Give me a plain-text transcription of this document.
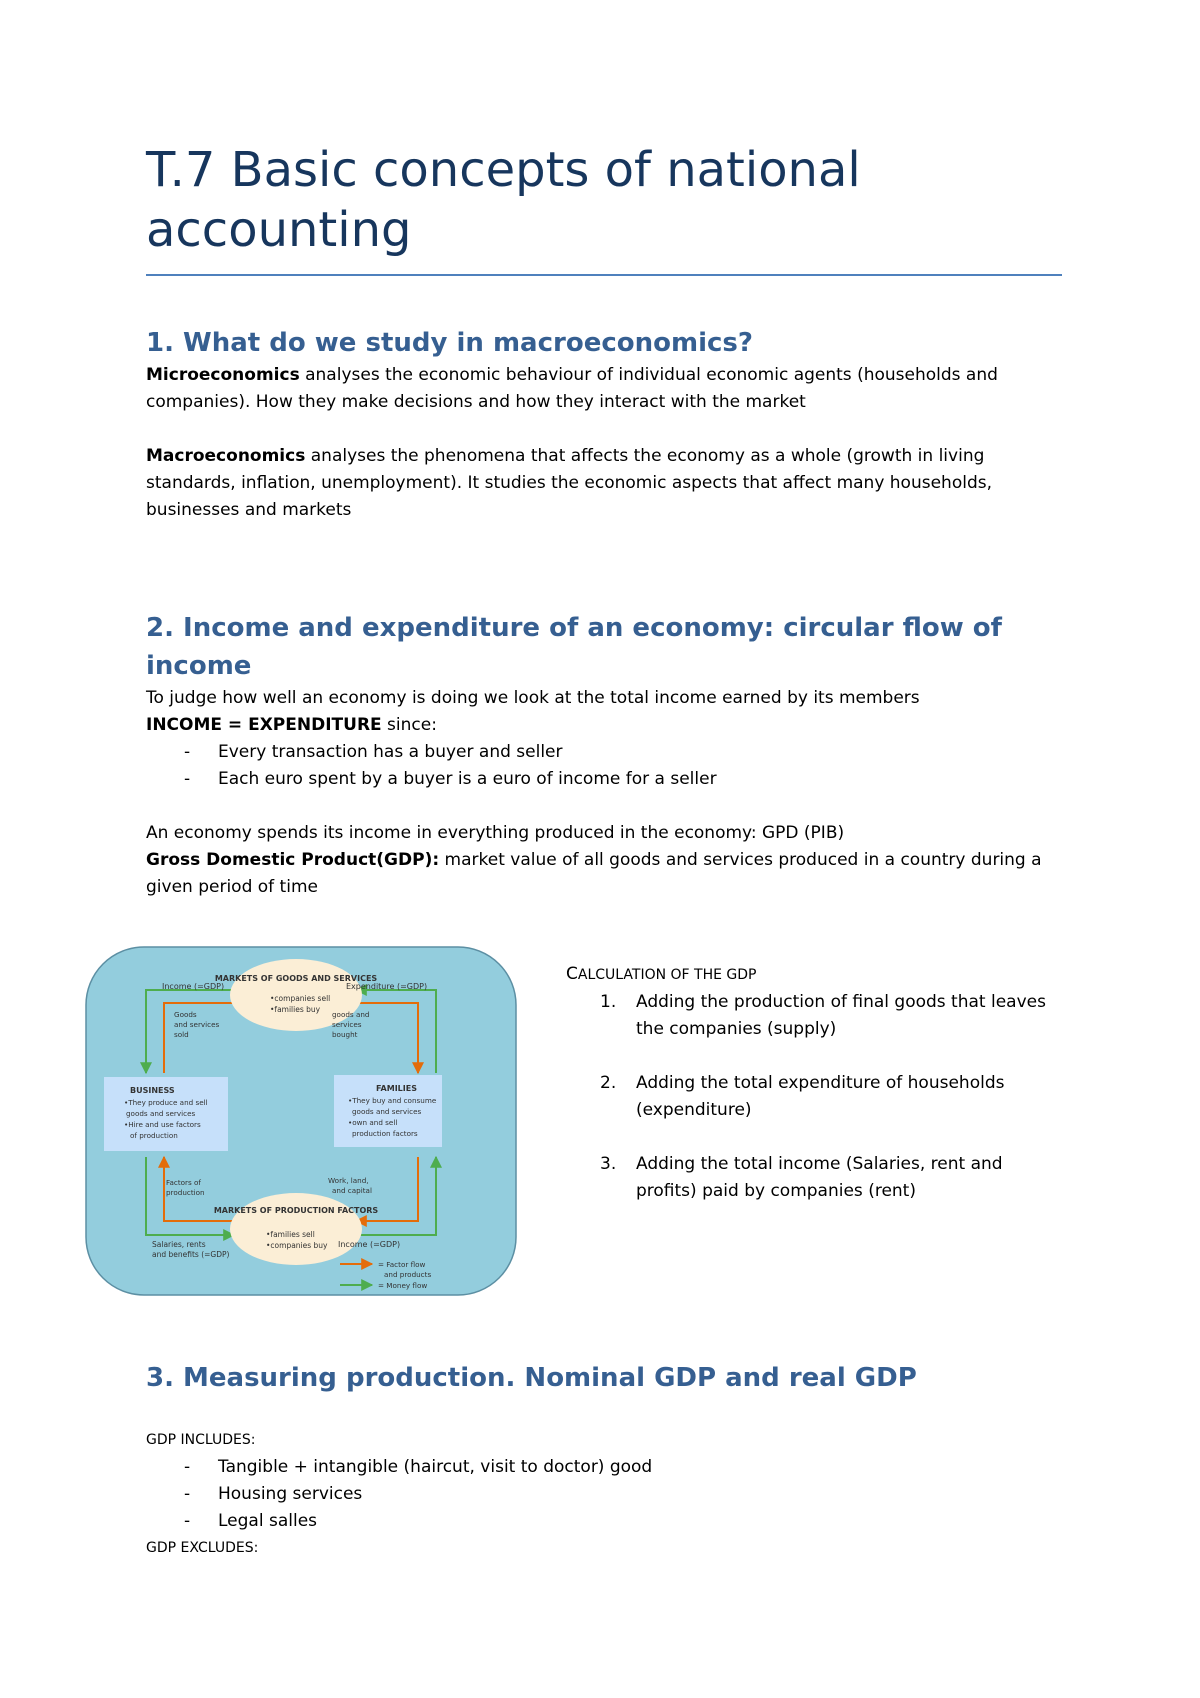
T.7 Basic concepts of national accounting
1. What do we study in macroeconomics?

Microeconomics analyses the economic behaviour of individual economic agents (households and companies). How they make decisions and how they interact with the market

Macroeconomics analyses the phenomena that affects the economy as a whole (growth in living standards, inflation, unemployment). It studies the economic aspects that affect many households, businesses and markets

2. Income and expenditure of an economy: circular flow of income

To judge how well an economy is doing we look at the total income earned by its members

INCOME = EXPENDITURE since:

- Every transaction has a buyer and seller
- Each euro spent by a buyer is a euro of income for a seller

An economy spends its income in everything produced in the economy: GPD (PIB)

Gross Domestic Product(GDP): market value of all goods and services produced in a country during a given period of time

MARKETS OF GOODS AND SERVICES
•companies sell
•families buy
MARKETS OF PRODUCTION FACTORS
•families sell
•companies buy
BUSINESS
•They produce and sell
goods and services
•Hire and use factors
of production
FAMILIES
•They buy and consume
goods and services
•own and sell
production factors
Income (=GDP)	Expenditure (=GDP)
Goods
and services
sold
goods and
services
bought
Factors of
production
Work, land,
and capital
Salaries, rents
and benefits (=GDP)
Income (=GDP)
= Factor flow
and products
= Money flow

CALCULATION OF THE GDP

1. Adding the production of final goods that leaves the companies (supply)
2. Adding the total expenditure of households (expenditure)
3. Adding the total income (Salaries, rent and profits) paid by companies (rent)
3. Measuring production. Nominal GDP and real GDP

GDP INCLUDES:

- Tangible + intangible (haircut, visit to doctor) good
- Housing services
- Legal salles

GDP EXCLUDES:
